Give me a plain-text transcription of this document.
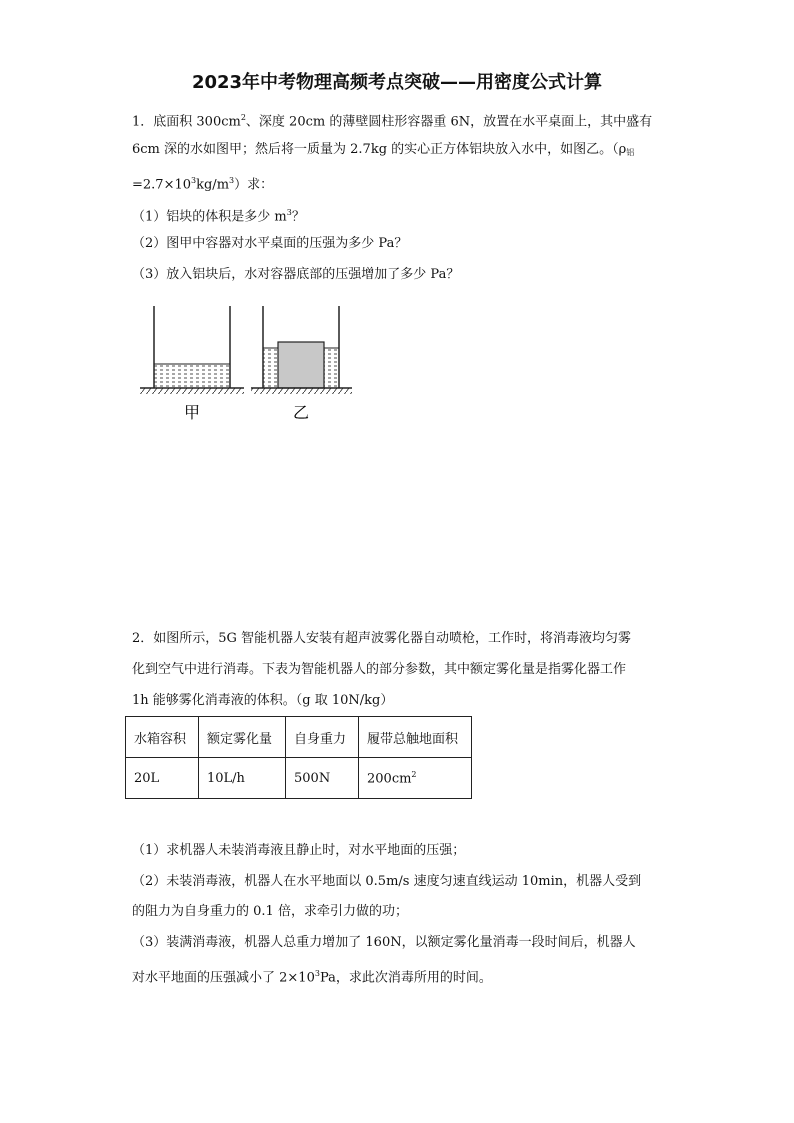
2023年中考物理高频考点突破——用密度公式计算
1．底面积 $300cm^2$、深度 20cm 的薄壁圆柱形容器重 6N，放置在水平桌面上，其中盛有
6cm 深的水如图甲；然后将一质量为 2.7kg 的实心正方体铝块放入水中，如图乙。（$\rho_铝$
$=2.7\times 10^3kg/m^3$）求：
（1）铝块的体积是多少 $m^3$？
（2）图甲中容器对水平桌面的压强为多少 Pa？
（3）放入铝块后，水对容器底部的压强增加了多少 Pa？
甲	乙
2．如图所示，5G 智能机器人安装有超声波雾化器自动喷枪，工作时，将消毒液均匀雾
化到空气中进行消毒。下表为智能机器人的部分参数，其中额定雾化量是指雾化器工作
1h 能够雾化消毒液的体积。（g 取 10N/kg）
水箱容积	额定雾化量	自身重力	履带总触地面积
20L	10L/h	500N	$200cm^2$
（1）求机器人未装消毒液且静止时，对水平地面的压强；
（2）未装消毒液，机器人在水平地面以 0.5m/s 速度匀速直线运动 10min，机器人受到
的阻力为自身重力的 0.1 倍，求牵引力做的功；
（3）装满消毒液，机器人总重力增加了 160N，以额定雾化量消毒一段时间后，机器人
对水平地面的压强减小了 $2\times 10^3Pa$，求此次消毒所用的时间。
